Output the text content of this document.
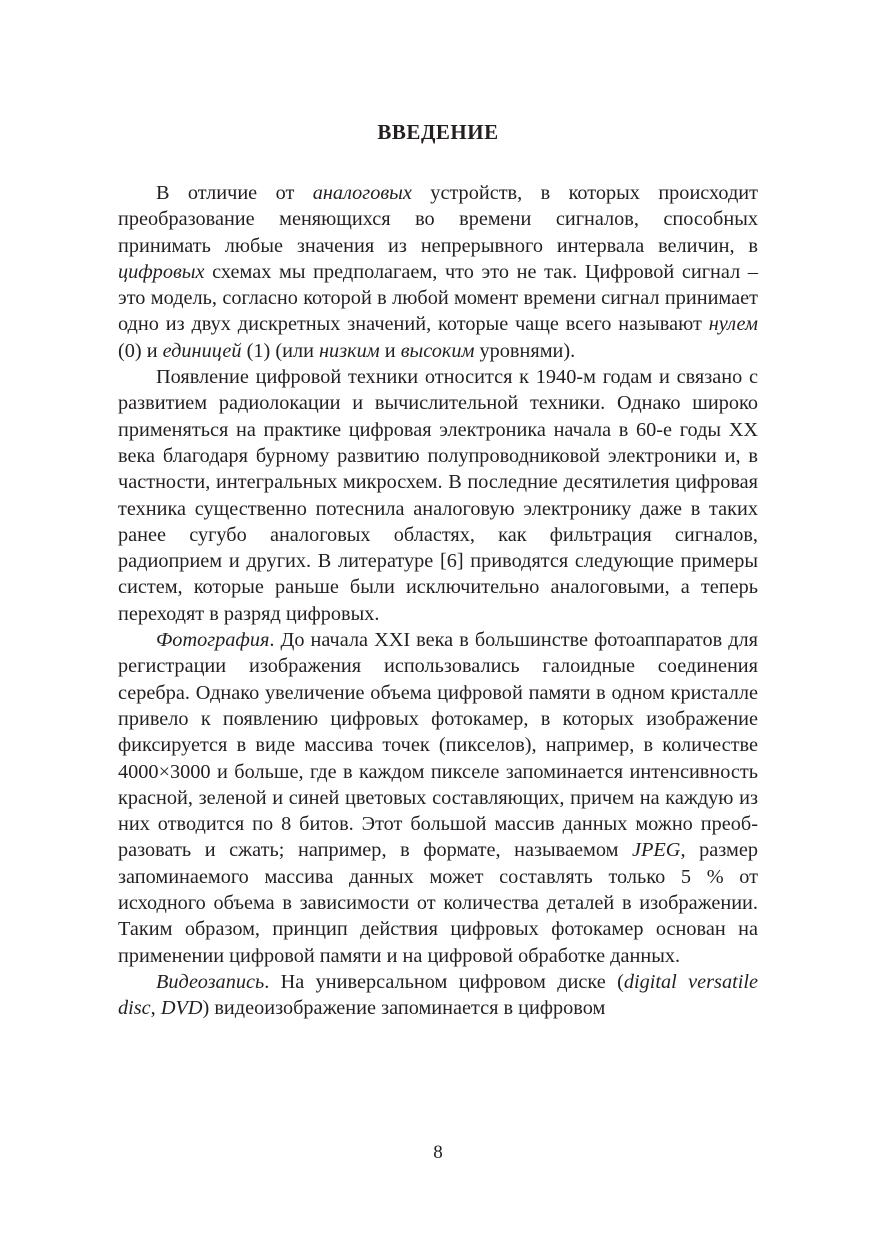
ВВЕДЕНИЕ

В отличие от аналоговых устройств, в которых происходит преобразование меняющихся во времени сигналов, способных принимать любые значения из непрерывного интервала величин, в цифровых схемах мы предполагаем, что это не так. Цифровой сигнал – это модель, согласно которой в любой момент времени сигнал принимает одно из двух дискретных значений, которые чаще всего называют нулем (0) и единицей (1) (или низким и высоким уровнями).

Появление цифровой техники относится к 1940-м годам и связано с развитием радиолокации и вычислительной техники. Однако широко применяться на практике цифровая электроника начала в 60-е годы XX века благодаря бурному развитию полупроводниковой электроники и, в частности, интегральных микросхем. В последние десятилетия цифровая техника существенно потеснила аналоговую электронику даже в таких ранее сугубо аналоговых областях, как фильтрация сигналов, радиоприем и других. В литературе [6] приводятся следующие примеры систем, которые раньше были исключительно аналоговыми, а теперь переходят в разряд цифровых.

Фотография. До начала XXI века в большинстве фотоаппаратов для регистрации изображения использовались галоидные соединения серебра. Однако увеличение объема цифровой памяти в одном кристалле привело к появлению цифровых фотокамер, в которых изображение фиксируется в виде массива точек (пикселов), например, в количестве 4000×3000 и больше, где в каждом пикселе запоминается интенсивность красной, зеленой и синей цветовых составляющих, причем на каждую из них отводится по 8 битов. Этот большой массив данных можно преобразовать и сжать; например, в формате, называемом JPEG, размер запоминаемого массива данных может составлять только 5 % от исходного объема в зависимости от количества деталей в изображении. Таким образом, принцип действия цифровых фотокамер основан на применении цифровой памяти и на цифровой обработке данных.

Видеозапись. На универсальном цифровом диске (digital versatile disc, DVD) видеоизображение запоминается в цифровом

8
